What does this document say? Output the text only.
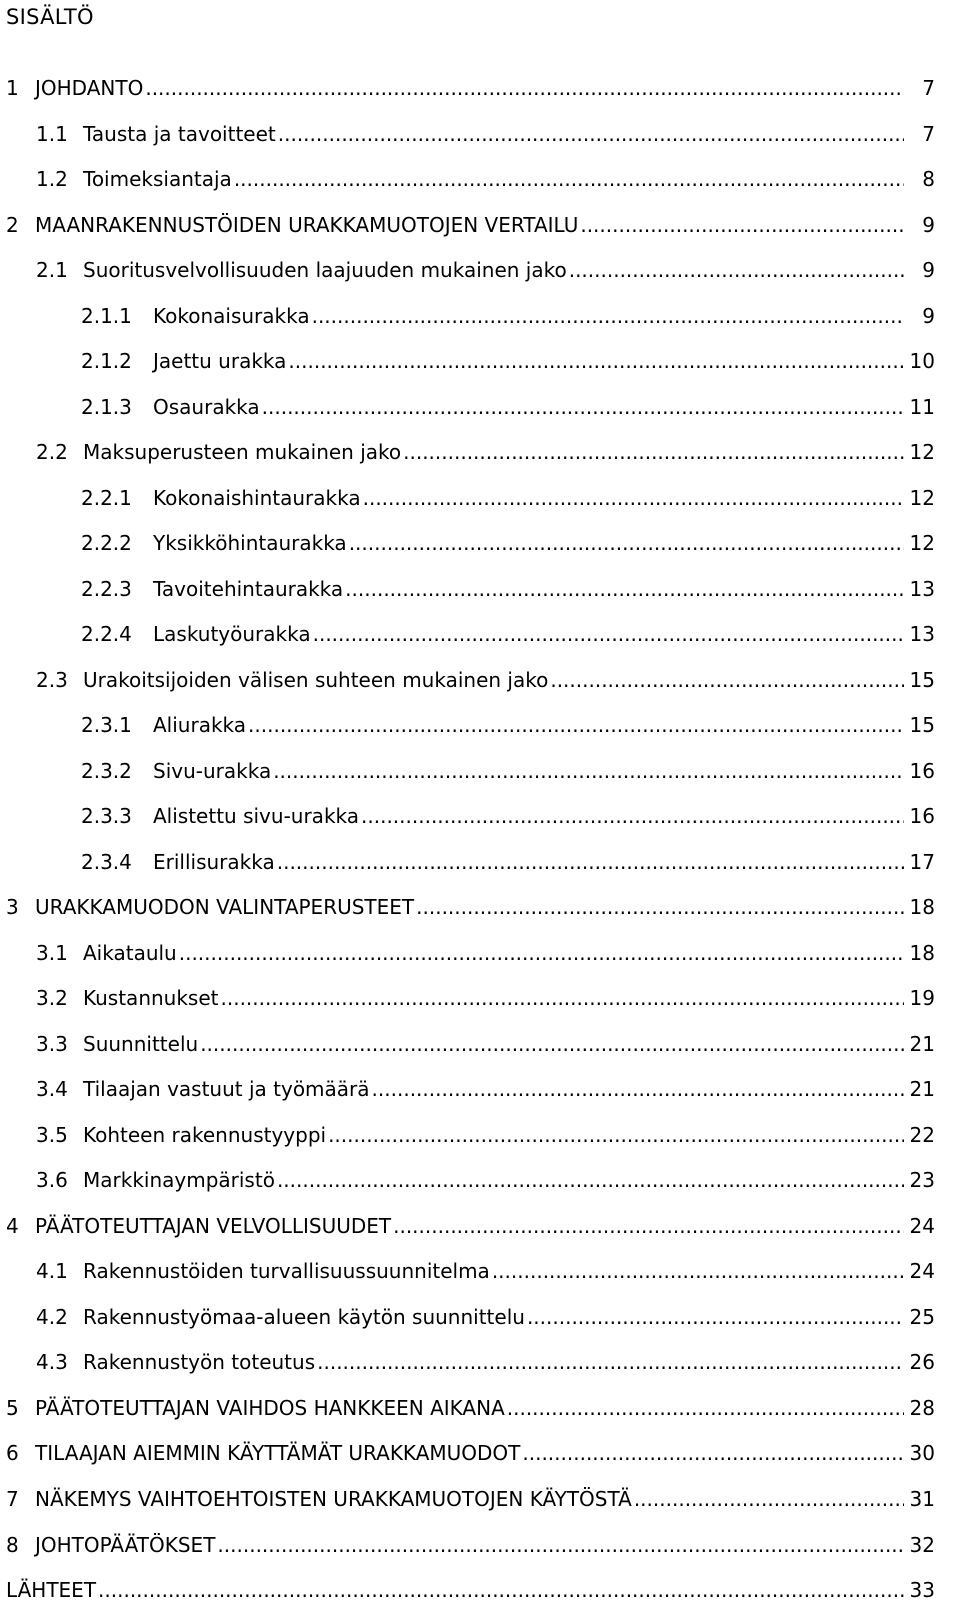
SISÄLTÖ
1 JOHDANTO .....	7
1.1 Tausta ja tavoitteet .....	7
1.2 Toimeksiantaja .....	8
2 MAANRAKENNUSTÖIDEN URAKKAMUOTOJEN VERTAILU .....	9
2.1 Suoritusvelvollisuuden laajuuden mukainen jako .....	9
2.1.1	Kokonaisurakka .....	9
2.1.2	Jaettu urakka .....	10
2.1.3	Osaurakka .....	11
2.2 Maksuperusteen mukainen jako .....	12
2.2.1	Kokonaishintaurakka .....	12
2.2.2	Yksikköhintaurakka .....	12
2.2.3	Tavoitehintaurakka .....	13
2.2.4	Laskutyöurakka .....	13
2.3 Urakoitsijoiden välisen suhteen mukainen jako .....	15
2.3.1	Aliurakka .....	15
2.3.2	Sivu-urakka .....	16
2.3.3	Alistettu sivu-urakka .....	16
2.3.4	Erillisurakka .....	17
3 URAKKAMUODON VALINTAPERUSTEET .....	18
3.1 Aikataulu .....	18
3.2 Kustannukset .....	19
3.3 Suunnittelu .....	21
3.4 Tilaajan vastuut ja työmäärä .....	21
3.5 Kohteen rakennustyyppi .....	22
3.6 Markkinaympäristö .....	23
4 PÄÄTOTEUTTAJAN VELVOLLISUUDET .....	24
4.1 Rakennustöiden turvallisuussuunnitelma .....	24
4.2 Rakennustyömaa-alueen käytön suunnittelu .....	25
4.3 Rakennustyön toteutus .....	26
5 PÄÄTOTEUTTAJAN VAIHDOS HANKKEEN AIKANA .....	28
6 TILAAJAN AIEMMIN KÄYTTÄMÄT URAKKAMUODOT .....	30
7 NÄKEMYS VAIHTOEHTOISTEN URAKKAMUOTOJEN KÄYTÖSTÄ .....	31
8 JOHTOPÄÄTÖKSET .....	32
LÄHTEET .....	33
